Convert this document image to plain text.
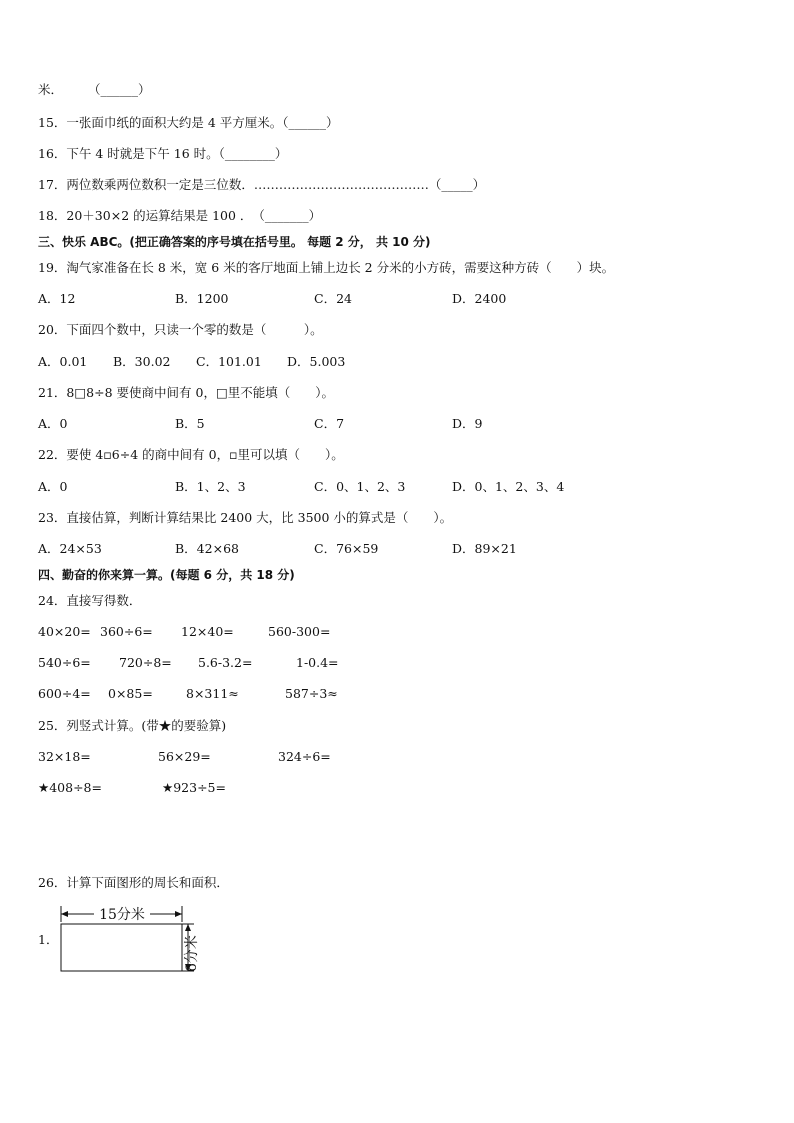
米．　　　（______）
15．一张面巾纸的面积大约是 4 平方厘米。（______）
16．下午 4 时就是下午 16 时。（________）
17．两位数乘两位数积一定是三位数．……………………………………（_____）
18．20＋30×2 的运算结果是 100 ．　（_______）
三、快乐 ABC。(把正确答案的序号填在括号里。 每题 2 分， 共 10 分)
19．淘气家准备在长 8 米，宽 6 米的客厅地面上铺上边长 2 分米的小方砖，需要这种方砖（　　）块。
A．12	B．1200	C．24	D．2400
20．下面四个数中，只读一个零的数是（　　　）。
A．0.01 B．30.02 C．101.01 D．5.003
21．8□8÷8 要使商中间有 0，□里不能填（　　）。
A．0	B．5	C．7	D．9
22．要使 4▫6÷4 的商中间有 0，▫里可以填（　　）。
A．0	B．1、2、3	C．0、1、2、3	D．0、1、2、3、4
23．直接估算，判断计算结果比 2400 大，比 3500 小的算式是（　　）。
A．24×53	B．42×68	C．76×59	D．89×21
四、勤奋的你来算一算。(每题 6 分，共 18 分)
24．直接写得数．
40×20= 360÷6= 12×40=	560-300=
540÷6= 720÷8= 5.6-3.2=	1-0.4=
600÷4= 0×85=	8×311≈	587÷3≈
25．列竖式计算。(带★的要验算)
32×18=	56×29=	324÷6=
★408÷8=	★923÷5=
26．计算下面图形的周长和面积．
1．
15分米
6分米
